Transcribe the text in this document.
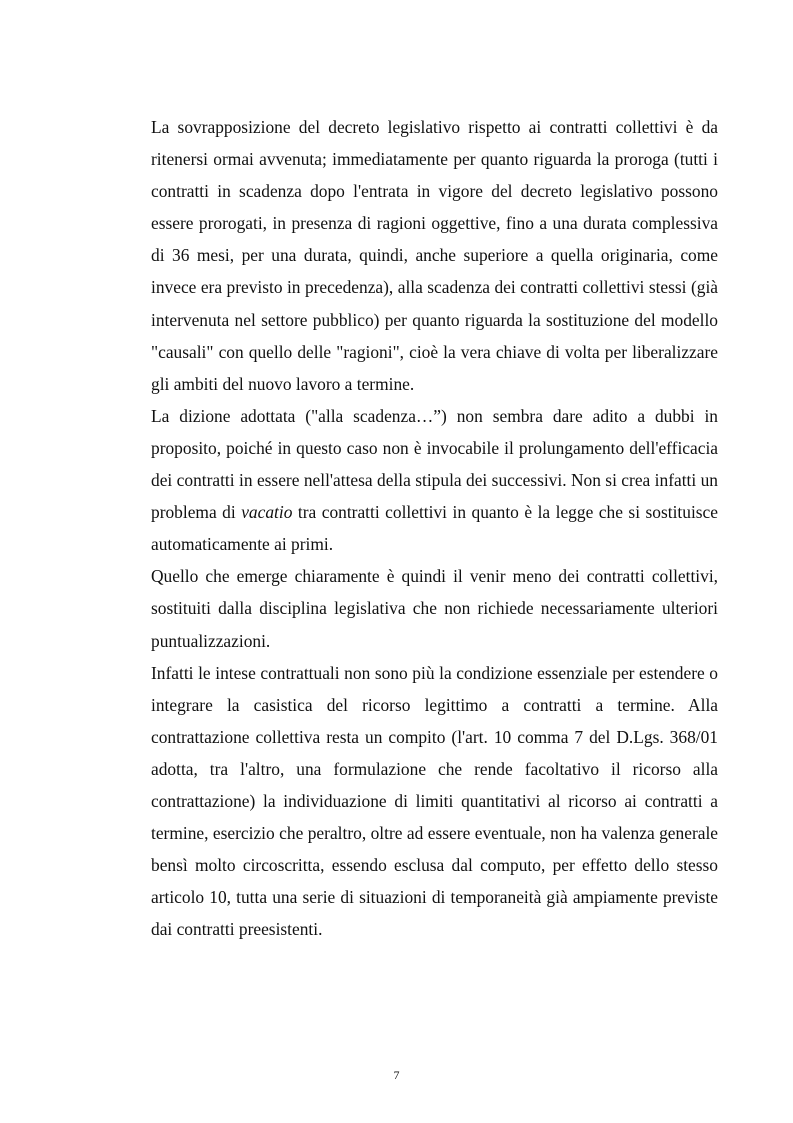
La sovrapposizione del decreto legislativo rispetto ai contratti collettivi è da ritenersi ormai avvenuta; immediatamente per quanto riguarda la proroga (tutti i contratti in scadenza dopo l'entrata in vigore del decreto legislativo possono essere prorogati, in presenza di ragioni oggettive, fino a una durata complessiva di 36 mesi, per una durata, quindi, anche superiore a quella originaria, come invece era previsto in precedenza), alla scadenza dei contratti collettivi stessi (già intervenuta nel settore pubblico) per quanto riguarda la sostituzione del modello "causali" con quello delle "ragioni", cioè la vera chiave di volta per liberalizzare gli ambiti del nuovo lavoro a termine.

La dizione adottata ("alla scadenza…”) non sembra dare adito a dubbi in proposito, poiché in questo caso non è invocabile il prolungamento dell'efficacia dei contratti in essere nell'attesa della stipula dei successivi. Non si crea infatti un problema di vacatio tra contratti collettivi in quanto è la legge che si sostituisce automaticamente ai primi.

Quello che emerge chiaramente è quindi il venir meno dei contratti collettivi, sostituiti dalla disciplina legislativa che non richiede necessariamente ulteriori puntualizzazioni.

Infatti le intese contrattuali non sono più la condizione essenziale per estendere o integrare la casistica del ricorso legittimo a contratti a termine. Alla contrattazione collettiva resta un compito (l'art. 10 comma 7 del D.Lgs. 368/01 adotta, tra l'altro, una formulazione che rende facoltativo il ricorso alla contrattazione) la individuazione di limiti quantitativi al ricorso ai contratti a termine, esercizio che peraltro, oltre ad essere eventuale, non ha valenza generale bensì molto circoscritta, essendo esclusa dal computo, per effetto dello stesso articolo 10, tutta una serie di situazioni di temporaneità già ampiamente previste dai contratti preesistenti.

7
